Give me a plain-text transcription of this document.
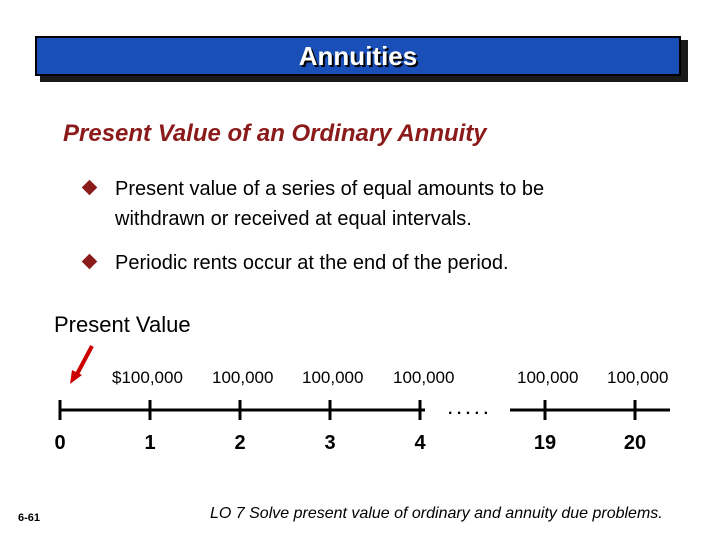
Annuities
Present Value of an Ordinary Annuity
Present value of a series of equal amounts to be withdrawn or received at equal intervals.
Periodic rents occur at the end of the period.
Present Value
$100,000 100,000 100,000 100,000	100,000 100,000
. . . . .
0	1	2	3	4	19	20
6-61	LO 7 Solve present value of ordinary and annuity due problems.
